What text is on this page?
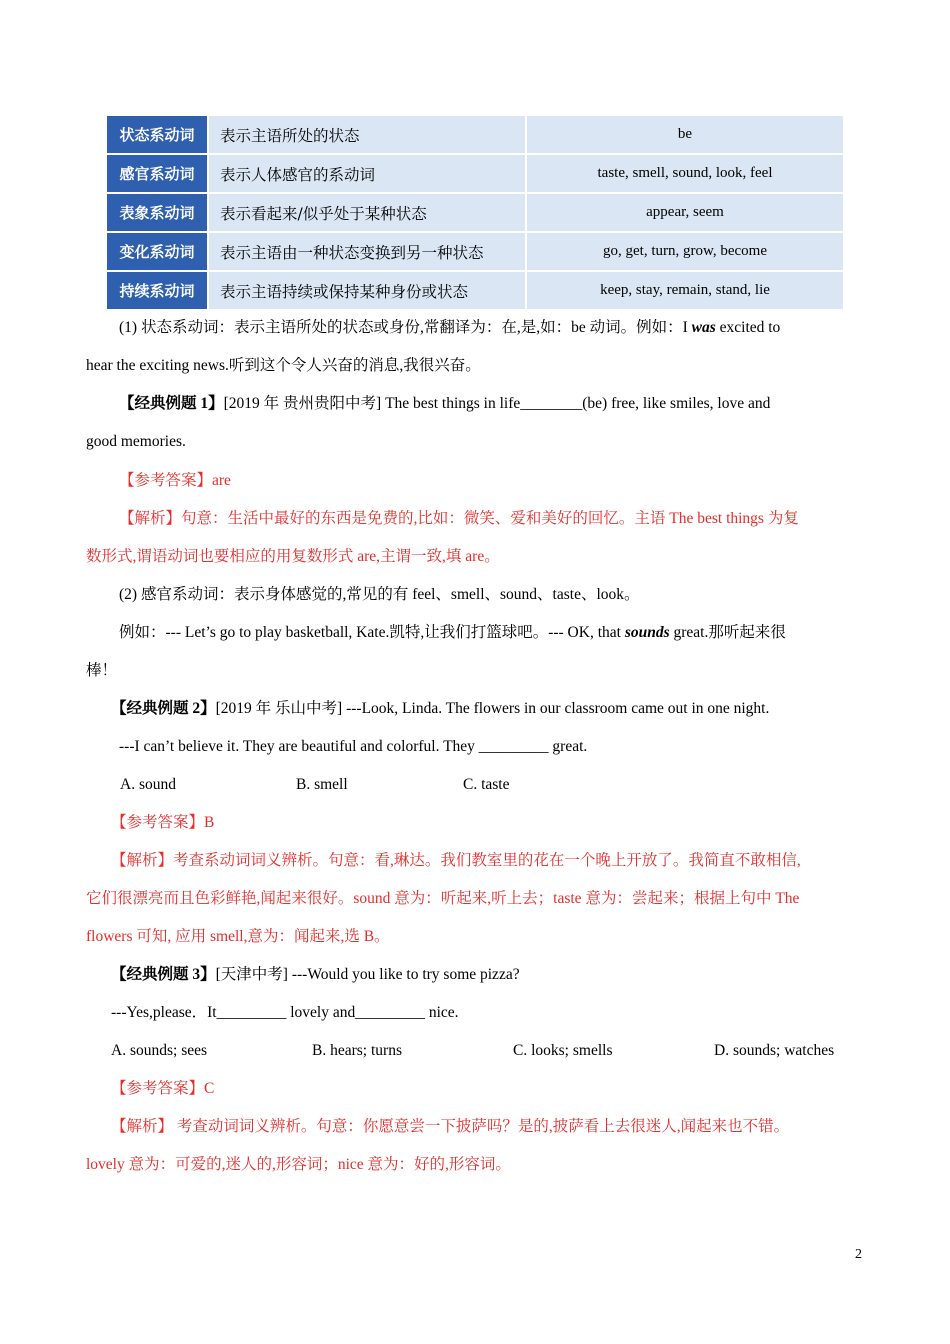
状态系动词	表示主语所处的状态	be
感官系动词	表示人体感官的系动词	taste, smell, sound, look, feel
表象系动词	表示看起来/似乎处于某种状态	appear, seem
变化系动词	表示主语由一种状态变换到另一种状态	go, get, turn, grow, become
持续系动词	表示主语持续或保持某种身份或状态	keep, stay, remain, stand, lie
(1) 状态系动词：表示主语所处的状态或身份,常翻译为：在,是,如：be 动词。例如：I was excited to
hear the exciting news.听到这个令人兴奋的消息,我很兴奋。
【经典例题 1】[2019 年 贵州贵阳中考] The best things in life________(be) free, like smiles, love and
good memories.
【参考答案】are
【解析】句意：生活中最好的东西是免费的,比如：微笑、爱和美好的回忆。主语 The best things 为复
数形式,谓语动词也要相应的用复数形式 are,主谓一致,填 are。
(2) 感官系动词：表示身体感觉的,常见的有 feel、smell、sound、taste、look。
例如：--- Let’s go to play basketball, Kate.凯特,让我们打篮球吧。--- OK, that sounds great.那听起来很
棒！
【经典例题 2】[2019 年 乐山中考] ---Look, Linda. The flowers in our classroom came out in one night.
---I can’t believe it. They are beautiful and colorful. They _________ great.
A. sound	B. smell	C. taste
【参考答案】B
【解析】考查系动词词义辨析。句意：看,琳达。我们教室里的花在一个晚上开放了。我简直不敢相信,
它们很漂亮而且色彩鲜艳,闻起来很好。sound 意为：听起来,听上去；taste 意为：尝起来；根据上句中 The
flowers 可知, 应用 smell,意为：闻起来,选 B。
【经典例题 3】[天津中考] ---Would you like to try some pizza?
---Yes,please．It_________ lovely and_________ nice.
A. sounds; sees	B. hears; turns	C. looks; smells	D. sounds; watches
【参考答案】C
【解析】 考查动词词义辨析。句意：你愿意尝一下披萨吗？是的,披萨看上去很迷人,闻起来也不错。
lovely 意为：可爱的,迷人的,形容词；nice 意为：好的,形容词。
2
